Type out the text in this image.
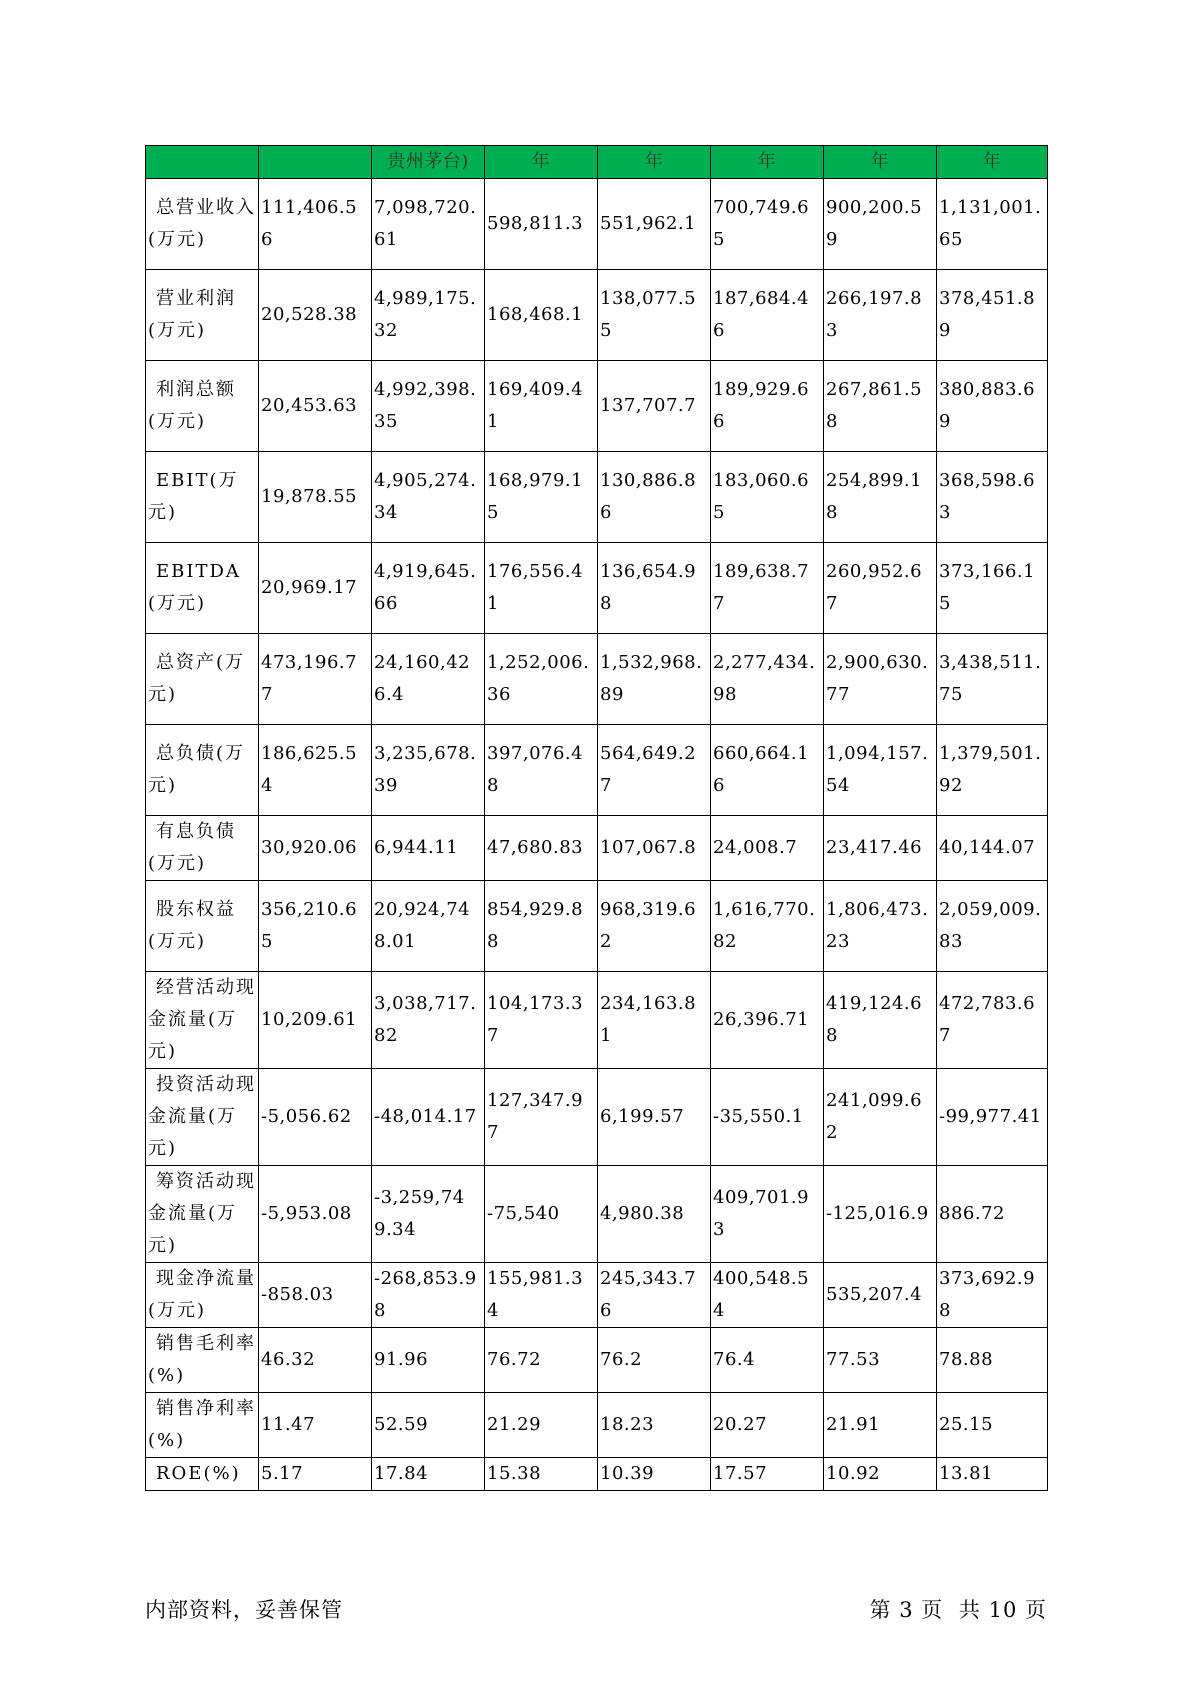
		贵州茅台)	年	年	年	年	年

总营业收入(万元)	111,406.56	7,098,720.61	598,811.3	551,962.1	700,749.65	900,200.59	1,131,001.65

营业利润(万元)	20,528.38	4,989,175.32	168,468.1	138,077.55	187,684.46	266,197.83	378,451.89

利润总额(万元)	20,453.63	4,992,398.35	169,409.41	137,707.7	189,929.66	267,861.58	380,883.69

EBIT(万元)	19,878.55	4,905,274.34	168,979.15	130,886.86	183,060.65	254,899.18	368,598.63

EBITDA(万元)	20,969.17	4,919,645.66	176,556.41	136,654.98	189,638.77	260,952.67	373,166.15

总资产(万元)	473,196.77	24,160,426.4	1,252,006.36	1,532,968.89	2,277,434.98	2,900,630.77	3,438,511.75

总负债(万元)	186,625.54	3,235,678.39	397,076.48	564,649.27	660,664.16	1,094,157.54	1,379,501.92

有息负债(万元)	30,920.06	6,944.11	47,680.83	107,067.8	24,008.7	23,417.46	40,144.07

股东权益(万元)	356,210.65	20,924,748.01	854,929.88	968,319.62	1,616,770.82	1,806,473.23	2,059,009.83

经营活动现金流量(万元)	10,209.61	3,038,717.82	104,173.37	234,163.81	26,396.71	419,124.68	472,783.67

投资活动现金流量(万元)	-5,056.62	-48,014.17	127,347.97	6,199.57	-35,550.1	241,099.62	-99,977.41

筹资活动现金流量(万元)	-5,953.08	-3,259,749.34	-75,540	4,980.38	409,701.93	-125,016.9	886.72

现金净流量(万元)	-858.03	-268,853.98	155,981.34	245,343.76	400,548.54	535,207.4	373,692.98

销售毛利率(%)	46.32	91.96	76.72	76.2	76.4	77.53	78.88

销售净利率(%)	11.47	52.59	21.29	18.23	20.27	21.91	25.15

ROE(%)	5.17	17.84	15.38	10.39	17.57	10.92	13.81
内部资料，妥善保管	第 3 页 共 10 页
